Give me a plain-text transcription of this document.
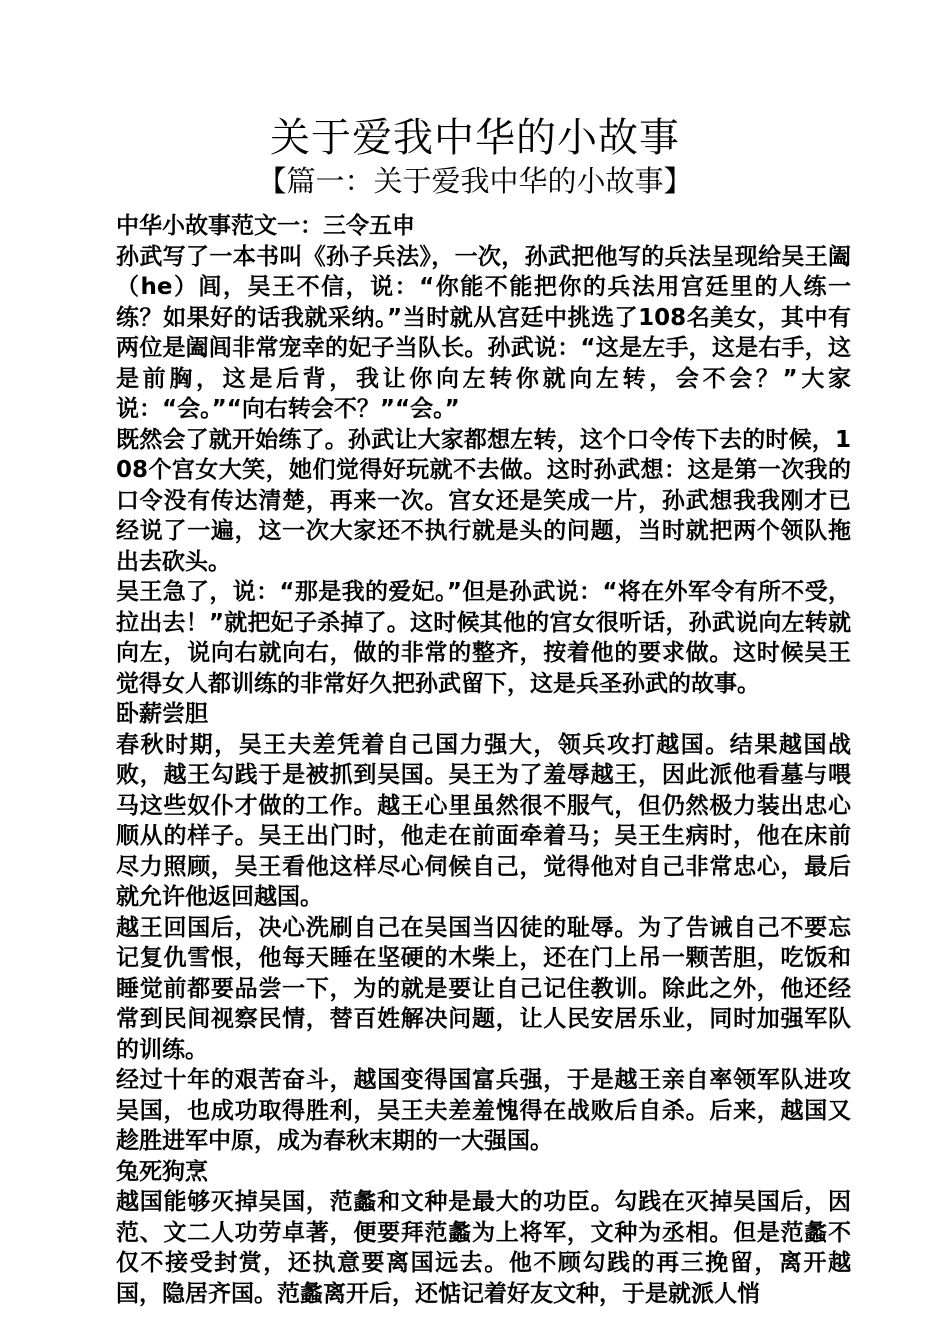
关于爱我中华的小故事
【篇一：关于爱我中华的小故事】

中华小故事范文一：三令五申

孙武写了一本书叫《孙子兵法》，一次，孙武把他写的兵法呈现给吴王阖（he）闾，吴王不信，说：“你能不能把你的兵法用宫廷里的人练一练？如果好的话我就采纳。”当时就从宫廷中挑选了108名美女，其中有两位是阖闾非常宠幸的妃子当队长。孙武说：“这是左手，这是右手，这是前胸，这是后背，我让你向左转你就向左转，会不会？”大家说：“会。”“向右转会不？”“会。”

既然会了就开始练了。孙武让大家都想左转，这个口令传下去的时候，108个宫女大笑，她们觉得好玩就不去做。这时孙武想：这是第一次我的口令没有传达清楚，再来一次。宫女还是笑成一片，孙武想我我刚才已经说了一遍，这一次大家还不执行就是头的问题，当时就把两个领队拖出去砍头。

吴王急了，说：“那是我的爱妃。”但是孙武说：“将在外军令有所不受，拉出去！”就把妃子杀掉了。这时候其他的宫女很听话，孙武说向左转就向左，说向右就向右，做的非常的整齐，按着他的要求做。这时候吴王觉得女人都训练的非常好久把孙武留下，这是兵圣孙武的故事。

卧薪尝胆

春秋时期，吴王夫差凭着自己国力强大，领兵攻打越国。结果越国战败，越王勾践于是被抓到吴国。吴王为了羞辱越王，因此派他看墓与喂马这些奴仆才做的工作。越王心里虽然很不服气，但仍然极力装出忠心顺从的样子。吴王出门时，他走在前面牵着马；吴王生病时，他在床前尽力照顾，吴王看他这样尽心伺候自己，觉得他对自己非常忠心，最后就允许他返回越国。

越王回国后，决心洗刷自己在吴国当囚徒的耻辱。为了告诫自己不要忘记复仇雪恨，他每天睡在坚硬的木柴上，还在门上吊一颗苦胆，吃饭和睡觉前都要品尝一下，为的就是要让自己记住教训。除此之外，他还经常到民间视察民情，替百姓解决问题，让人民安居乐业，同时加强军队的训练。

经过十年的艰苦奋斗，越国变得国富兵强，于是越王亲自率领军队进攻吴国，也成功取得胜利，吴王夫差羞愧得在战败后自杀。后来，越国又趁胜进军中原，成为春秋末期的一大强国。

兔死狗烹

越国能够灭掉吴国，范蠡和文种是最大的功臣。勾践在灭掉吴国后，因范、文二人功劳卓著，便要拜范蠡为上将军，文种为丞相。但是范蠡不仅不接受封赏，还执意要离国远去。他不顾勾践的再三挽留，离开越国，隐居齐国。范蠡离开后，还惦记着好友文种，于是就派人悄
